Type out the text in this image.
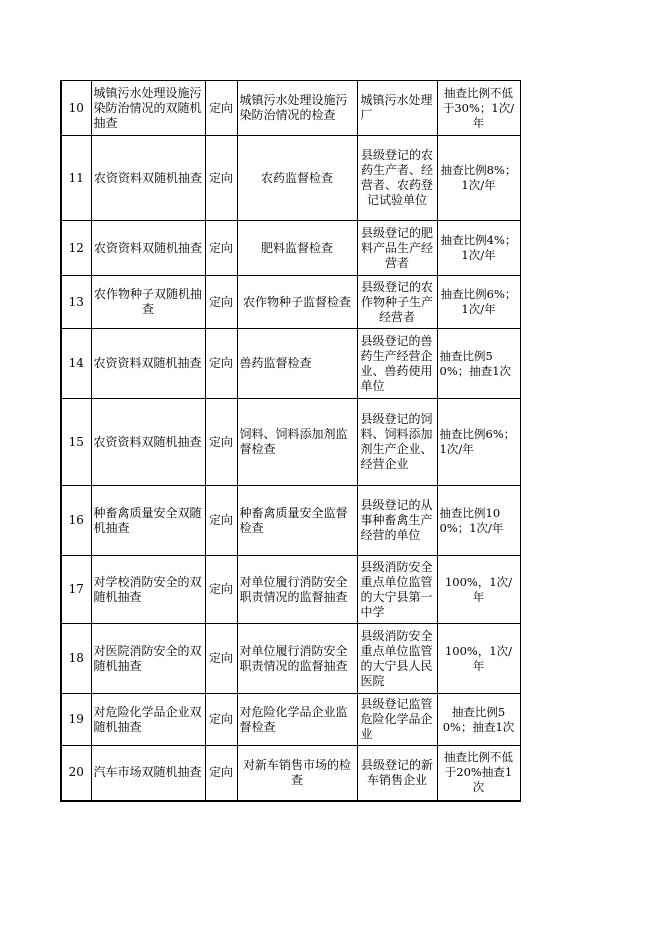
10	城镇污水处理设施污染防治情况的双随机抽查	定向	城镇污水处理设施污染防治情况的检查	城镇污水处理厂	抽查比例不低于30%；1次/年
11	农资资料双随机抽查	定向	农药监督检查	县级登记的农药生产者、经营者、农药登记试验单位	抽查比例8%；1次/年
12	农资资料双随机抽查	定向	肥料监督检查	县级登记的肥料产品生产经营者	抽查比例4%；1次/年
13	农作物种子双随机抽查	定向	农作物种子监督检查	县级登记的农作物种子生产经营者	抽查比例6%；1次/年
14	农资资料双随机抽查	定向	兽药监督检查	县级登记的兽药生产经营企业、兽药使用单位	抽查比例50%；抽查1次
15	农资资料双随机抽查	定向	饲料、饲料添加剂监督检查	县级登记的饲料、饲料添加剂生产企业、经营企业	抽查比例6%；1次/年
16	种畜禽质量安全双随机抽查	定向	种畜禽质量安全监督检查	县级登记的从事种畜禽生产经营的单位	抽查比例100%；1次/年
17	对学校消防安全的双随机抽查	定向	对单位履行消防安全职责情况的监督抽查	县级消防安全重点单位监管的大宁县第一中学	100%，1次/年
18	对医院消防安全的双随机抽查	定向	对单位履行消防安全职责情况的监督抽查	县级消防安全重点单位监管的大宁县人民医院	100%，1次/年
19	对危险化学品企业双随机抽查	定向	对危险化学品企业监督检查	县级登记监管危险化学品企业	抽查比例50%；抽查1次
20	汽车市场双随机抽查	定向	对新车销售市场的检查	县级登记的新车销售企业	抽查比例不低于20%抽查1次
